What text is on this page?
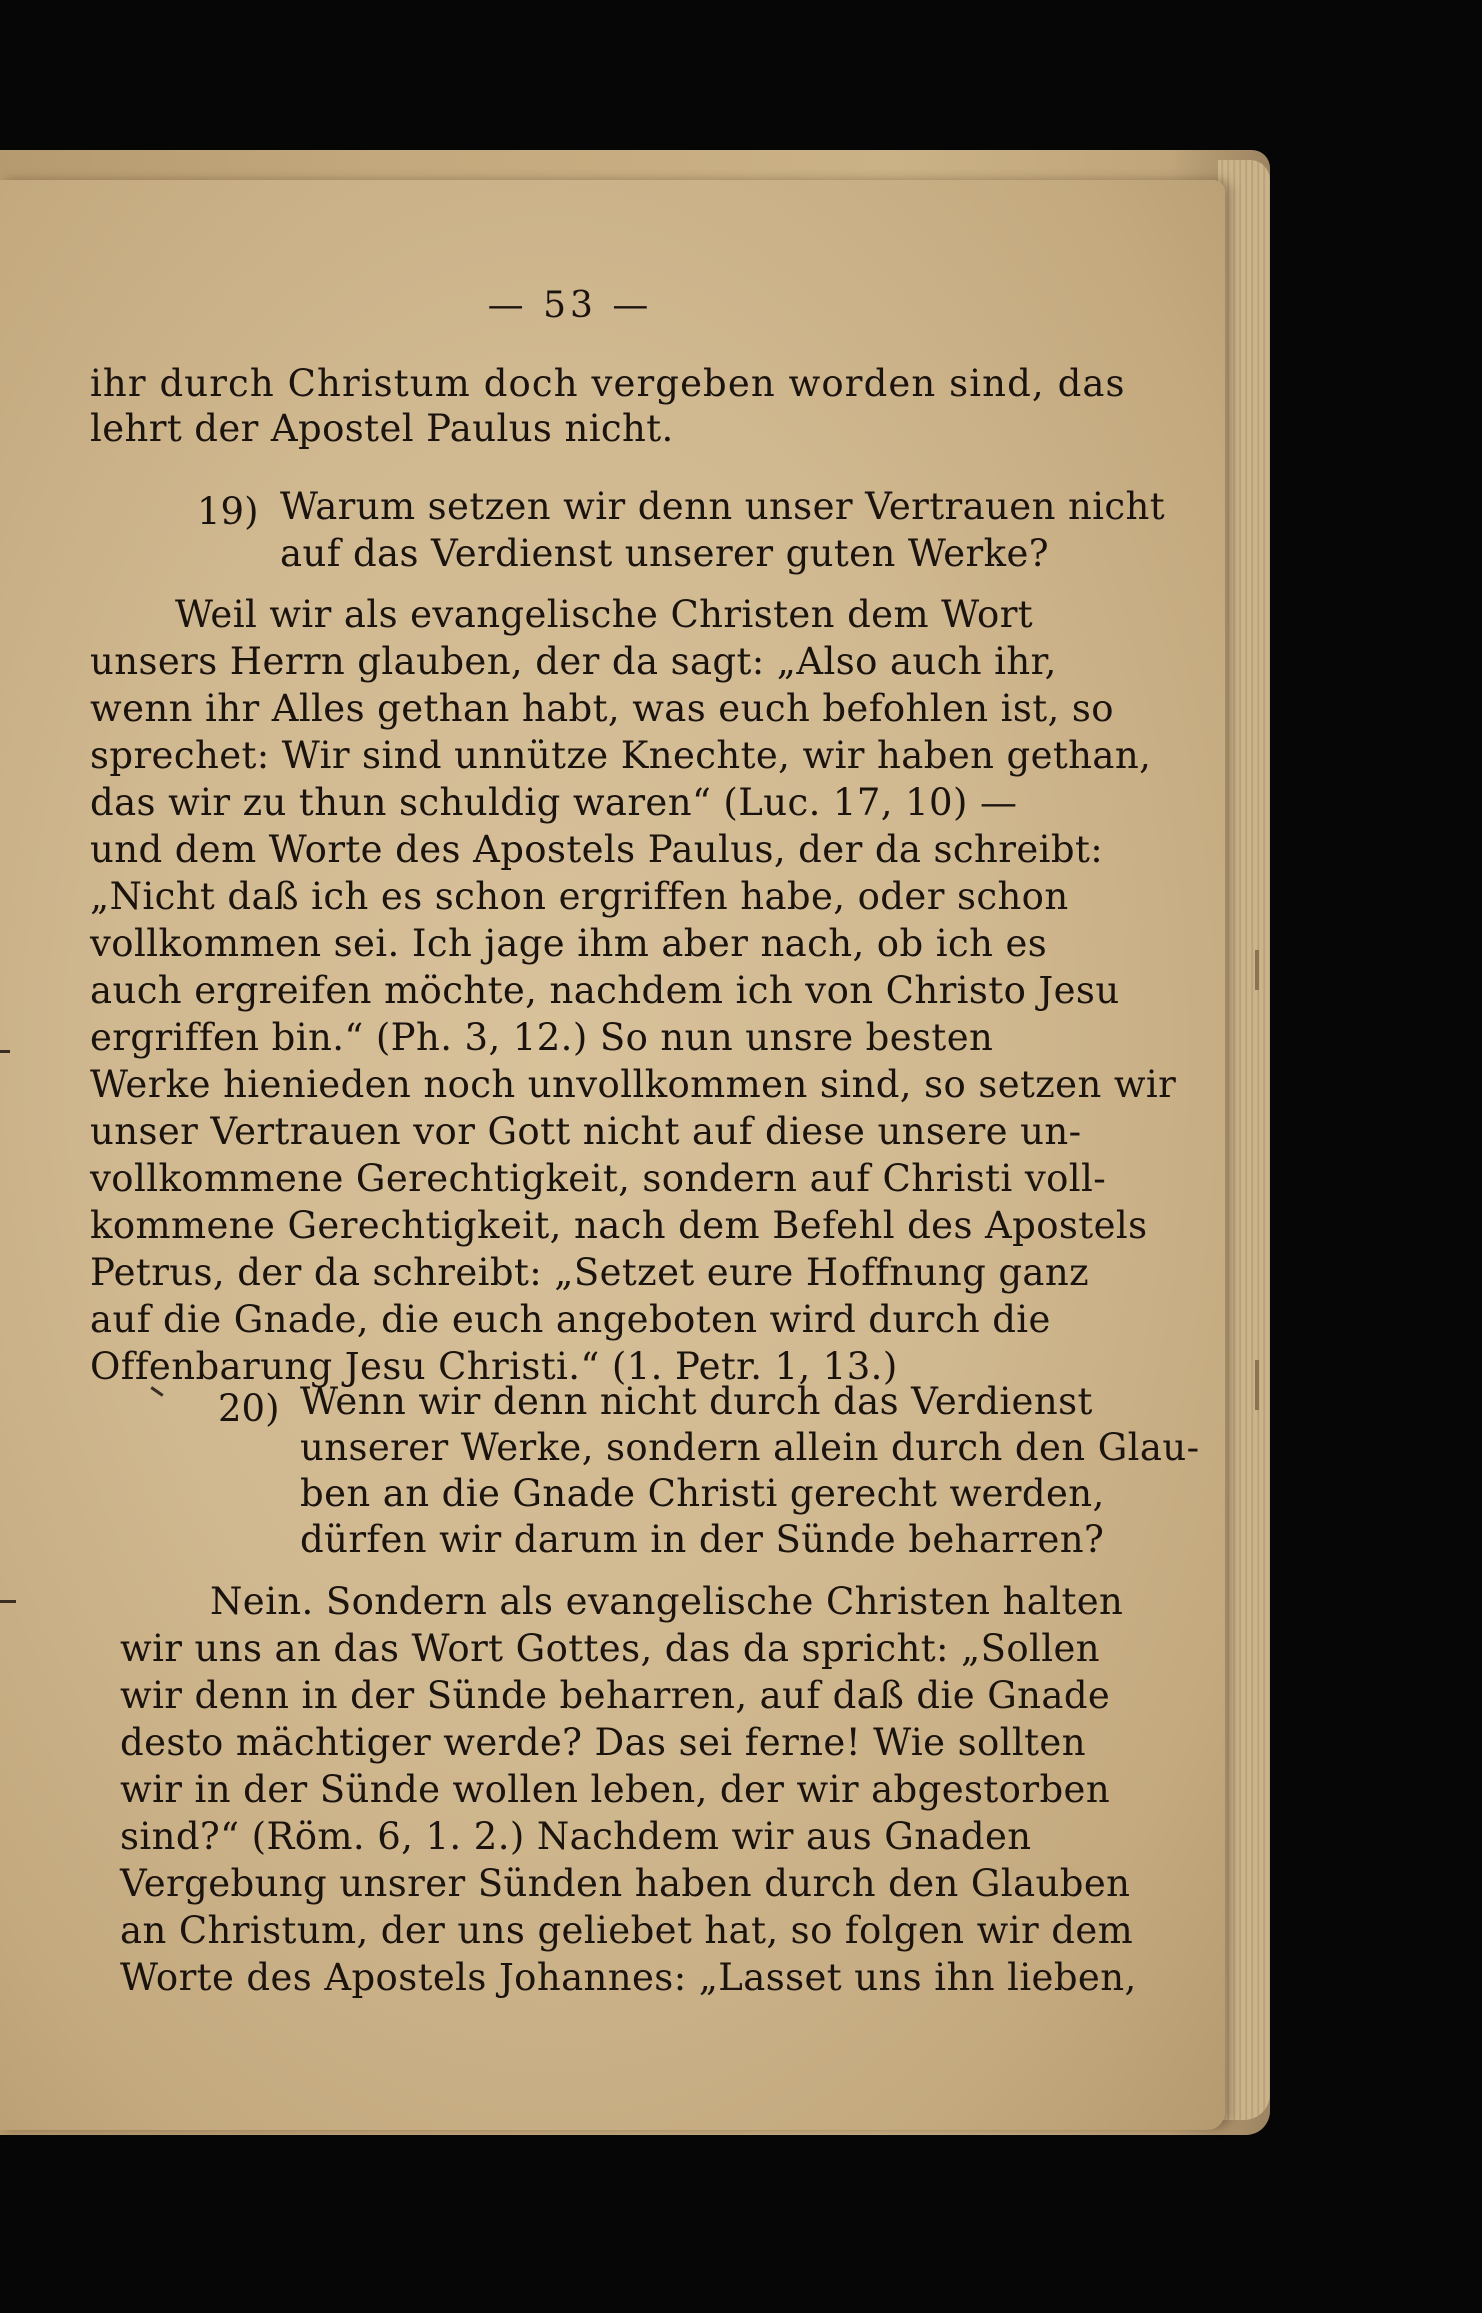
— 53 —
ihr durch Christum doch vergeben worden sind, das
lehrt der Apostel Paulus nicht.
19) Warum setzen wir denn unser Vertrauen nicht
auf das Verdienst unserer guten Werke?
Weil wir als evangelische Christen dem Wort
unsers Herrn glauben, der da sagt: „Also auch ihr,
wenn ihr Alles gethan habt, was euch befohlen ist, so
sprechet: Wir sind unnütze Knechte, wir haben gethan,
das wir zu thun schuldig waren“ (Luc. 17, 10) —
und dem Worte des Apostels Paulus, der da schreibt:
„Nicht daß ich es schon ergriffen habe, oder schon
vollkommen sei. Ich jage ihm aber nach, ob ich es
auch ergreifen möchte, nachdem ich von Christo Jesu
ergriffen bin.“ (Ph. 3, 12.) So nun unsre besten
Werke hienieden noch unvollkommen sind, so setzen wir
unser Vertrauen vor Gott nicht auf diese unsere un-
vollkommene Gerechtigkeit, sondern auf Christi voll-
kommene Gerechtigkeit, nach dem Befehl des Apostels
Petrus, der da schreibt: „Setzet eure Hoffnung ganz
auf die Gnade, die euch angeboten wird durch die
Offenbarung Jesu Christi.“ (1. Petr. 1, 13.)
20) Wenn wir denn nicht durch das Verdienst
unserer Werke, sondern allein durch den Glau-
ben an die Gnade Christi gerecht werden,
dürfen wir darum in der Sünde beharren?
Nein. Sondern als evangelische Christen halten
wir uns an das Wort Gottes, das da spricht: „Sollen
wir denn in der Sünde beharren, auf daß die Gnade
desto mächtiger werde? Das sei ferne! Wie sollten
wir in der Sünde wollen leben, der wir abgestorben
sind?“ (Röm. 6, 1. 2.) Nachdem wir aus Gnaden
Vergebung unsrer Sünden haben durch den Glauben
an Christum, der uns geliebet hat, so folgen wir dem
Worte des Apostels Johannes: „Lasset uns ihn lieben,
